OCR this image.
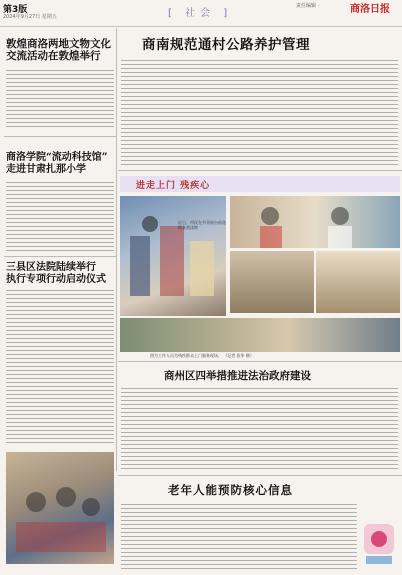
第3版
2024年9月27日 星期五	[ 社会 ]
责任编辑 ·	商洛日报
敦煌商洛两地文物文化
交流活动在敦煌举行
商南规范通村公路养护管理
商洛学院“流动科技馆”
走进甘肃扎那小学
三县区法院陆续举行
执行专项行动启动仪式
进走上门 残疾心
近日，市民在书刊展台前选购各类读物
图为工作人员为残疾群众上门服务现场。 （记者 张华 摄）
商州区四举措推进法治政府建设
老年人能预防核心信息
